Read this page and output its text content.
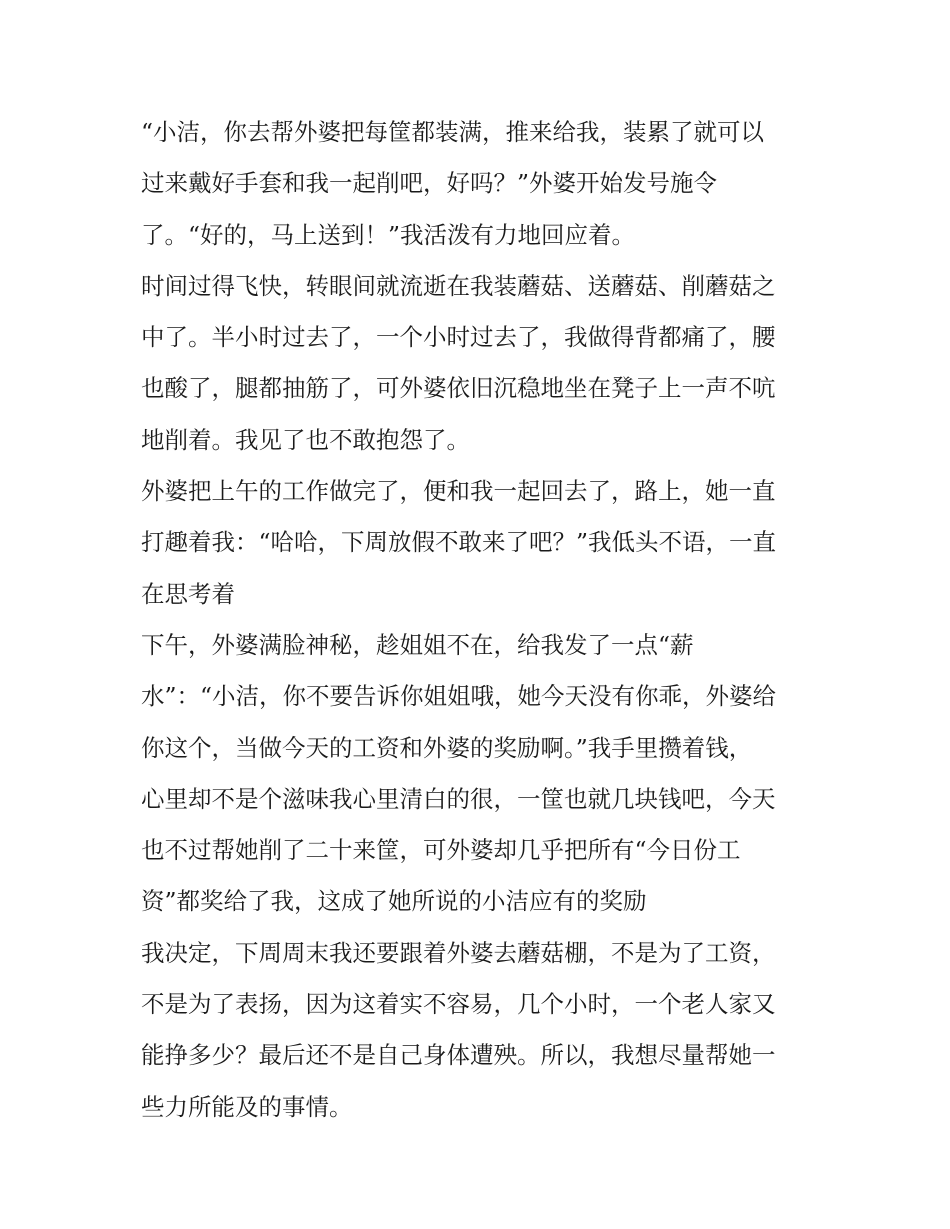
“小洁，你去帮外婆把每筐都装满，推来给我，装累了就可以

过来戴好手套和我一起削吧，好吗？”外婆开始发号施令

了。“好的，马上送到！”我活泼有力地回应着。

时间过得飞快，转眼间就流逝在我装蘑菇、送蘑菇、削蘑菇之

中了。半小时过去了，一个小时过去了，我做得背都痛了，腰

也酸了，腿都抽筋了，可外婆依旧沉稳地坐在凳子上一声不吭

地削着。我见了也不敢抱怨了。

外婆把上午的工作做完了，便和我一起回去了，路上，她一直

打趣着我：“哈哈，下周放假不敢来了吧？”我低头不语，一直

在思考着

下午，外婆满脸神秘，趁姐姐不在，给我发了一点“薪

水”：“小洁，你不要告诉你姐姐哦，她今天没有你乖，外婆给

你这个，当做今天的工资和外婆的奖励啊。”我手里攒着钱，

心里却不是个滋味我心里清白的很，一筐也就几块钱吧，今天

也不过帮她削了二十来筐，可外婆却几乎把所有“今日份工

资”都奖给了我，这成了她所说的小洁应有的奖励

我决定，下周周末我还要跟着外婆去蘑菇棚，不是为了工资，

不是为了表扬，因为这着实不容易，几个小时，一个老人家又

能挣多少？最后还不是自己身体遭殃。所以，我想尽量帮她一

些力所能及的事情。
